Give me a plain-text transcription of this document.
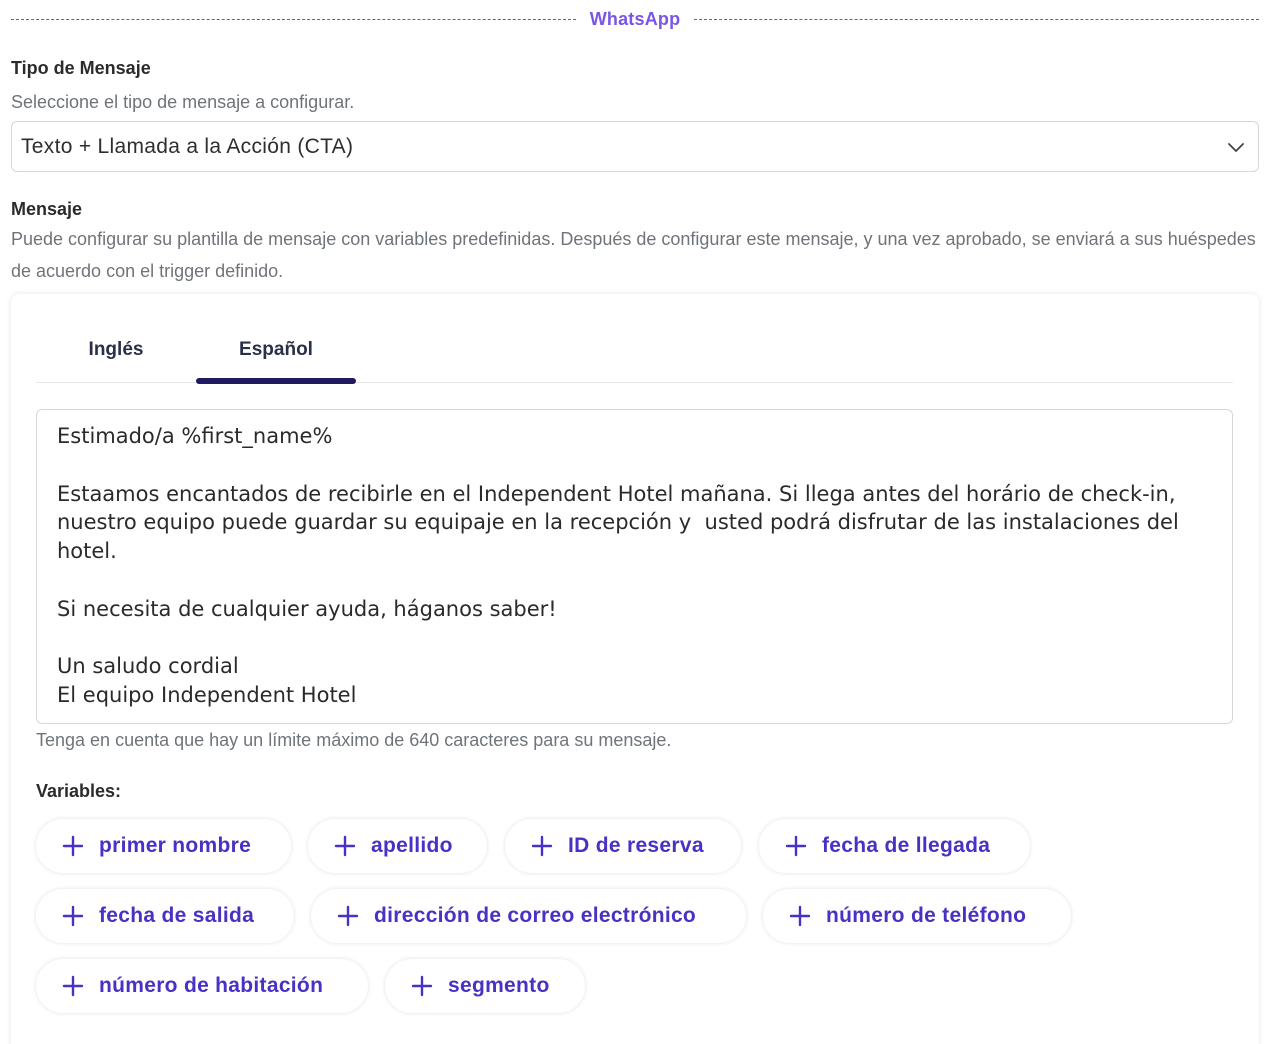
WhatsApp
Tipo de Mensaje
Seleccione el tipo de mensaje a configurar.
Texto + Llamada a la Acción (CTA)
Mensaje
Puede configurar su plantilla de mensaje con variables predefinidas. Después de configurar este mensaje, y una vez aprobado, se enviará a sus huéspedes de acuerdo con el trigger definido.
Inglés	Español
Estimado/a %first_name%

Estaamos encantados de recibirle en el Independent Hotel mañana. Si llega antes del horário de check-in, nuestro equipo puede guardar su equipaje en la recepción y  usted podrá disfrutar de las instalaciones del hotel.

Si necesita de cualquier ayuda, háganos saber!

Un saludo cordial
El equipo Independent Hotel
Tenga en cuenta que hay un límite máximo de 640 caracteres para su mensaje.
Variables:
primer nombre	apellido	ID de reserva	fecha de llegada
fecha de salida	dirección de correo electrónico	número de teléfono
número de habitación	segmento
